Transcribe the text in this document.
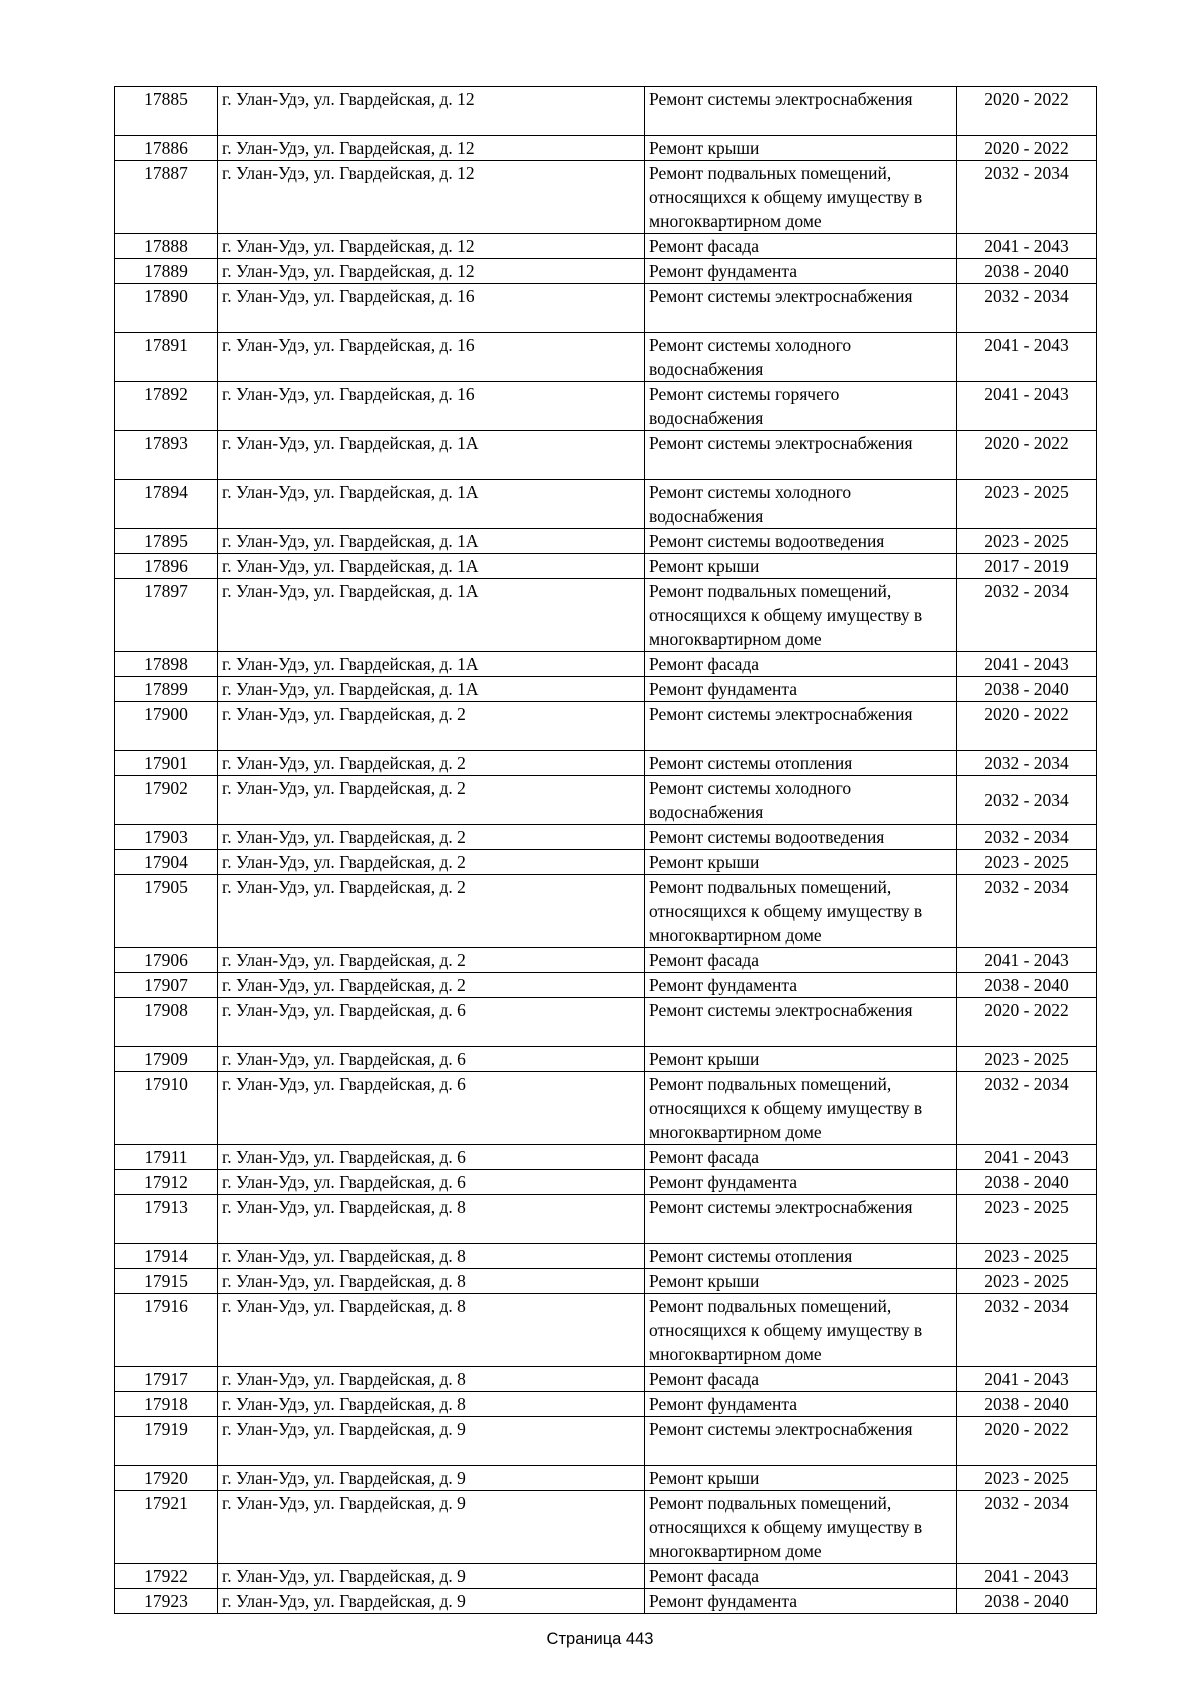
17885	г. Улан-Удэ, ул. Гвардейская, д. 12	Ремонт системы электроснабжения	2020 - 2022
17886	г. Улан-Удэ, ул. Гвардейская, д. 12	Ремонт крыши	2020 - 2022
17887	г. Улан-Удэ, ул. Гвардейская, д. 12	Ремонт подвальных помещений, относящихся к общему имуществу в многоквартирном доме	2032 - 2034
17888	г. Улан-Удэ, ул. Гвардейская, д. 12	Ремонт фасада	2041 - 2043
17889	г. Улан-Удэ, ул. Гвардейская, д. 12	Ремонт фундамента	2038 - 2040
17890	г. Улан-Удэ, ул. Гвардейская, д. 16	Ремонт системы электроснабжения	2032 - 2034
17891	г. Улан-Удэ, ул. Гвардейская, д. 16	Ремонт системы холодного водоснабжения	2041 - 2043
17892	г. Улан-Удэ, ул. Гвардейская, д. 16	Ремонт системы горячего водоснабжения	2041 - 2043
17893	г. Улан-Удэ, ул. Гвардейская, д. 1А	Ремонт системы электроснабжения	2020 - 2022
17894	г. Улан-Удэ, ул. Гвардейская, д. 1А	Ремонт системы холодного водоснабжения	2023 - 2025
17895	г. Улан-Удэ, ул. Гвардейская, д. 1А	Ремонт системы водоотведения	2023 - 2025
17896	г. Улан-Удэ, ул. Гвардейская, д. 1А	Ремонт крыши	2017 - 2019
17897	г. Улан-Удэ, ул. Гвардейская, д. 1А	Ремонт подвальных помещений, относящихся к общему имуществу в многоквартирном доме	2032 - 2034
17898	г. Улан-Удэ, ул. Гвардейская, д. 1А	Ремонт фасада	2041 - 2043
17899	г. Улан-Удэ, ул. Гвардейская, д. 1А	Ремонт фундамента	2038 - 2040
17900	г. Улан-Удэ, ул. Гвардейская, д. 2	Ремонт системы электроснабжения	2020 - 2022
17901	г. Улан-Удэ, ул. Гвардейская, д. 2	Ремонт системы отопления	2032 - 2034
17902	г. Улан-Удэ, ул. Гвардейская, д. 2	Ремонт системы холодного водоснабжения	2032 - 2034
17903	г. Улан-Удэ, ул. Гвардейская, д. 2	Ремонт системы водоотведения	2032 - 2034
17904	г. Улан-Удэ, ул. Гвардейская, д. 2	Ремонт крыши	2023 - 2025
17905	г. Улан-Удэ, ул. Гвардейская, д. 2	Ремонт подвальных помещений, относящихся к общему имуществу в многоквартирном доме	2032 - 2034
17906	г. Улан-Удэ, ул. Гвардейская, д. 2	Ремонт фасада	2041 - 2043
17907	г. Улан-Удэ, ул. Гвардейская, д. 2	Ремонт фундамента	2038 - 2040
17908	г. Улан-Удэ, ул. Гвардейская, д. 6	Ремонт системы электроснабжения	2020 - 2022
17909	г. Улан-Удэ, ул. Гвардейская, д. 6	Ремонт крыши	2023 - 2025
17910	г. Улан-Удэ, ул. Гвардейская, д. 6	Ремонт подвальных помещений, относящихся к общему имуществу в многоквартирном доме	2032 - 2034
17911	г. Улан-Удэ, ул. Гвардейская, д. 6	Ремонт фасада	2041 - 2043
17912	г. Улан-Удэ, ул. Гвардейская, д. 6	Ремонт фундамента	2038 - 2040
17913	г. Улан-Удэ, ул. Гвардейская, д. 8	Ремонт системы электроснабжения	2023 - 2025
17914	г. Улан-Удэ, ул. Гвардейская, д. 8	Ремонт системы отопления	2023 - 2025
17915	г. Улан-Удэ, ул. Гвардейская, д. 8	Ремонт крыши	2023 - 2025
17916	г. Улан-Удэ, ул. Гвардейская, д. 8	Ремонт подвальных помещений, относящихся к общему имуществу в многоквартирном доме	2032 - 2034
17917	г. Улан-Удэ, ул. Гвардейская, д. 8	Ремонт фасада	2041 - 2043
17918	г. Улан-Удэ, ул. Гвардейская, д. 8	Ремонт фундамента	2038 - 2040
17919	г. Улан-Удэ, ул. Гвардейская, д. 9	Ремонт системы электроснабжения	2020 - 2022
17920	г. Улан-Удэ, ул. Гвардейская, д. 9	Ремонт крыши	2023 - 2025
17921	г. Улан-Удэ, ул. Гвардейская, д. 9	Ремонт подвальных помещений, относящихся к общему имуществу в многоквартирном доме	2032 - 2034
17922	г. Улан-Удэ, ул. Гвардейская, д. 9	Ремонт фасада	2041 - 2043
17923	г. Улан-Удэ, ул. Гвардейская, д. 9	Ремонт фундамента	2038 - 2040
Страница 443
